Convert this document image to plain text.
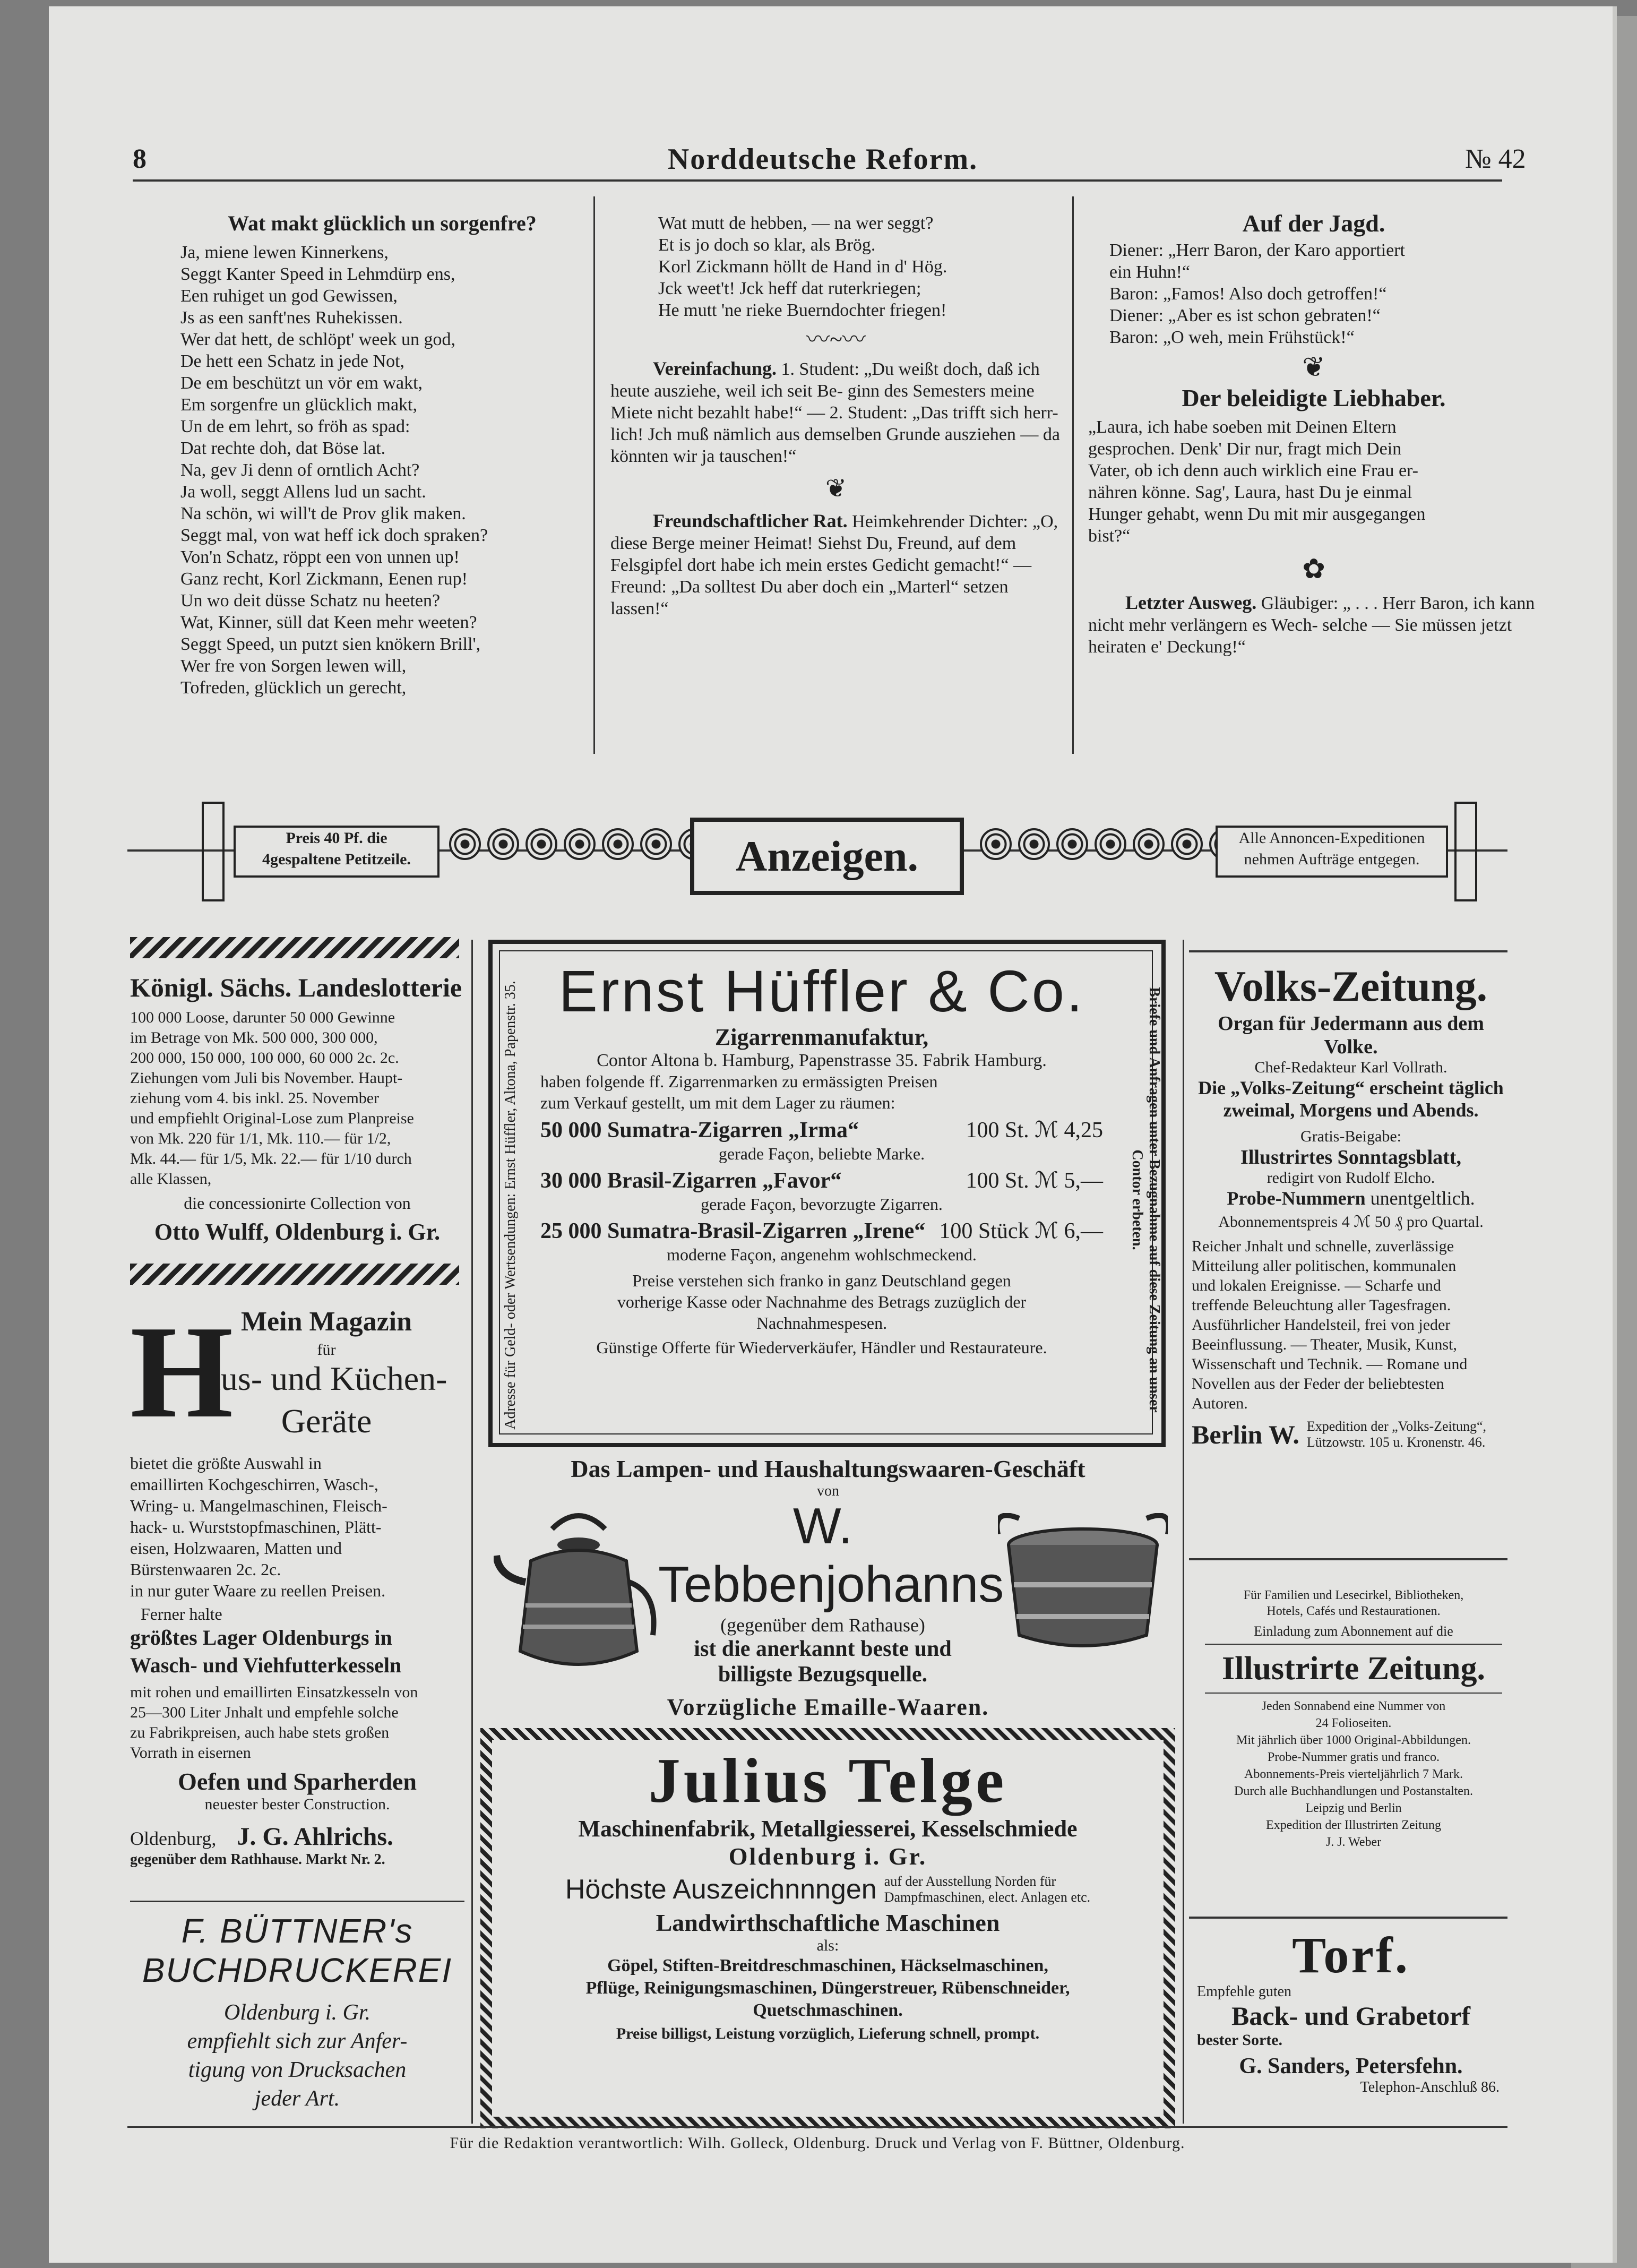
8	Norddeutsche Reform.	№ 42
Wat makt glücklich un sorgenfre?
Ja, miene lewen Kinnerkens,
Seggt Kanter Speed in Lehmdürp ens,
Een ruhiget un god Gewissen,
Js as een sanft'nes Ruhekissen.
Wer dat hett, de schlöpt' week un god,
De hett een Schatz in jede Not,
De em beschützt un vör em wakt,
Em sorgenfre un glücklich makt,
Un de em lehrt, so fröh as spad:
Dat rechte doh, dat Böse lat.
Na, gev Ji denn of orntlich Acht?
Ja woll, seggt Allens lud un sacht.
Na schön, wi will't de Prov glik maken.
Seggt mal, von wat heff ick doch spraken?
Von'n Schatz, röppt een von unnen up!
Ganz recht, Korl Zickmann, Eenen rup!
Un wo deit düsse Schatz nu heeten?
Wat, Kinner, süll dat Keen mehr weeten?
Seggt Speed, un putzt sien knökern Brill',
Wer fre von Sorgen lewen will,
Tofreden, glücklich un gerecht,
Wat mutt de hebben, — na wer seggt?
Et is jo doch so klar, als Brög.
Korl Zickmann höllt de Hand in d' Hög.
Jck weet't! Jck heff dat ruterkriegen;
He mutt 'ne rieke Buerndochter friegen!
〰︎~〰︎
Vereinfachung. 1. Student: „Du weißt doch, daß ich heute ausziehe, weil ich seit Be- ginn des Semesters meine Miete nicht bezahlt habe!“ — 2. Student: „Das trifft sich herr- lich! Jch muß nämlich aus demselben Grunde ausziehen — da könnten wir ja tauschen!“
❦
Freundschaftlicher Rat. Heimkehrender Dichter: „O, diese Berge meiner Heimat! Siehst Du, Freund, auf dem Felsgipfel dort habe ich mein erstes Gedicht gemacht!“ — Freund: „Da solltest Du aber doch ein „Marterl“ setzen lassen!“
Auf der Jagd.
Diener: „Herr Baron, der Karo apportiert
ein Huhn!“
Baron: „Famos! Also doch getroffen!“
Diener: „Aber es ist schon gebraten!“
Baron: „O weh, mein Frühstück!“
❦
Der beleidigte Liebhaber.
„Laura, ich habe soeben mit Deinen Eltern
gesprochen. Denk' Dir nur, fragt mich Dein
Vater, ob ich denn auch wirklich eine Frau er-
nähren könne. Sag', Laura, hast Du je einmal
Hunger gehabt, wenn Du mit mir ausgegangen
bist?“
✿
Letzter Ausweg. Gläubiger: „ . . . Herr Baron, ich kann nicht mehr verlängern es Wech- selche — Sie müssen jetzt heiraten e' Deckung!“
Preis 40 Pf. die
4gespaltene Petitzeile.	Anzeigen.	Alle Annoncen-Expeditionen
nehmen Aufträge entgegen.
Königl. Sächs. Landeslotterie
100 000 Loose, darunter 50 000 Gewinne
im Betrage von Mk. 500 000, 300 000,
200 000, 150 000, 100 000, 60 000 2c. 2c.
Ziehungen vom Juli bis November. Haupt-
ziehung vom 4. bis inkl. 25. November
und empfiehlt Original-Lose zum Planpreise
von Mk. 220 für 1/1, Mk. 110.— für 1/2,
Mk. 44.— für 1/5, Mk. 22.— für 1/10 durch
alle Klassen,
die concessionirte Collection von
Otto Wulff, Oldenburg i. Gr.
H Mein Magazin
für
aus- und Küchen-
Geräte
bietet die größte Auswahl in
emaillirten Kochgeschirren, Wasch-,
Wring- u. Mangelmaschinen, Fleisch-
hack- u. Wurststopfmaschinen, Plätt-
eisen, Holzwaaren, Matten und
Bürstenwaaren 2c. 2c.
in nur guter Waare zu reellen Preisen.
Ferner halte
größtes Lager Oldenburgs in
Wasch- und Viehfutterkesseln
mit rohen und emaillirten Einsatzkesseln von
25—300 Liter Jnhalt und empfehle solche
zu Fabrikpreisen, auch habe stets großen
Vorrath in eisernen
Oefen und Sparherden
neuester bester Construction.
Oldenburg, J. G. Ahlrichs.
gegenüber dem Rathhause. Markt Nr. 2.
F. BÜTTNER's
BUCHDRUCKEREI
Oldenburg i. Gr.
empfiehlt sich zur Anfer-
tigung von Drucksachen
jeder Art.
Adresse für Geld- oder Wertsendungen: Ernst Hüffler, Altona, Papenstr. 35.	Briefe und Anfragen unter Bezugnahme auf diese Zeitung an unser Contor erbeten.
Ernst Hüffler & Co.
Zigarrenmanufaktur,
Contor Altona b. Hamburg, Papenstrasse 35. Fabrik Hamburg.
haben folgende ff. Zigarrenmarken zu ermässigten Preisen
zum Verkauf gestellt, um mit dem Lager zu räumen:
50 000 Sumatra-Zigarren „Irma“	100 St. ℳ 4,25
gerade Façon, beliebte Marke.
30 000 Brasil-Zigarren „Favor“	100 St. ℳ 5,—
gerade Façon, bevorzugte Zigarren.
25 000 Sumatra-Brasil-Zigarren „Irene“ 100 Stück ℳ 6,—
moderne Façon, angenehm wohlschmeckend.
Preise verstehen sich franko in ganz Deutschland gegen
vorherige Kasse oder Nachnahme des Betrags zuzüglich der
Nachnahmespesen.
Günstige Offerte für Wiederverkäufer, Händler und Restaurateure.
Das Lampen- und Haushaltungswaaren-Geschäft
von
W. Tebbenjohanns
(gegenüber dem Rathause)
ist die anerkannt beste und
billigste Bezugsquelle.
Vorzügliche Emaille-Waaren.
Julius Telge
Maschinenfabrik, Metallgiesserei, Kesselschmiede
Oldenburg i. Gr.
Höchste Auszeichnnngen auf der Ausstellung Norden für
Dampfmaschinen, elect. Anlagen etc.
Landwirthschaftliche Maschinen
als:
Göpel, Stiften-Breitdreschmaschinen, Häckselmaschinen,
Pflüge, Reinigungsmaschinen, Düngerstreuer, Rübenschneider,
Quetschmaschinen.
Preise billigst, Leistung vorzüglich, Lieferung schnell, prompt.
Volks-Zeitung.
Organ für Jedermann aus dem Volke.
Chef-Redakteur Karl Vollrath.
Die „Volks-Zeitung“ erscheint täglich
zweimal, Morgens und Abends.
Gratis-Beigabe:
Illustrirtes Sonntagsblatt,
redigirt von Rudolf Elcho.
Probe-Nummern unentgeltlich.
Abonnementspreis 4 ℳ 50 ₰ pro Quartal.
Reicher Jnhalt und schnelle, zuverlässige
Mitteilung aller politischen, kommunalen
und lokalen Ereignisse. — Scharfe und
treffende Beleuchtung aller Tagesfragen.
Ausführlicher Handelsteil, frei von jeder
Beeinflussung. — Theater, Musik, Kunst,
Wissenschaft und Technik. — Romane und
Novellen aus der Feder der beliebtesten
Autoren.
Berlin W. Expedition der „Volks-Zeitung“,
Lützowstr. 105 u. Kronenstr. 46.
Für Familien und Lesecirkel, Bibliotheken,
Hotels, Cafés und Restaurationen.
Einladung zum Abonnement auf die
Illustrirte Zeitung.
Jeden Sonnabend eine Nummer von
24 Folioseiten.
Mit jährlich über 1000 Original-Abbildungen.
Probe-Nummer gratis und franco.
Abonnements-Preis vierteljährlich 7 Mark.
Durch alle Buchhandlungen und Postanstalten.
Leipzig und Berlin
Expedition der Illustrirten Zeitung
J. J. Weber
Torf.
Empfehle guten
Back- und Grabetorf
bester Sorte.
G. Sanders, Petersfehn.
Telephon-Anschluß 86.
Für die Redaktion verantwortlich: Wilh. Golleck, Oldenburg. Druck und Verlag von F. Büttner, Oldenburg.
